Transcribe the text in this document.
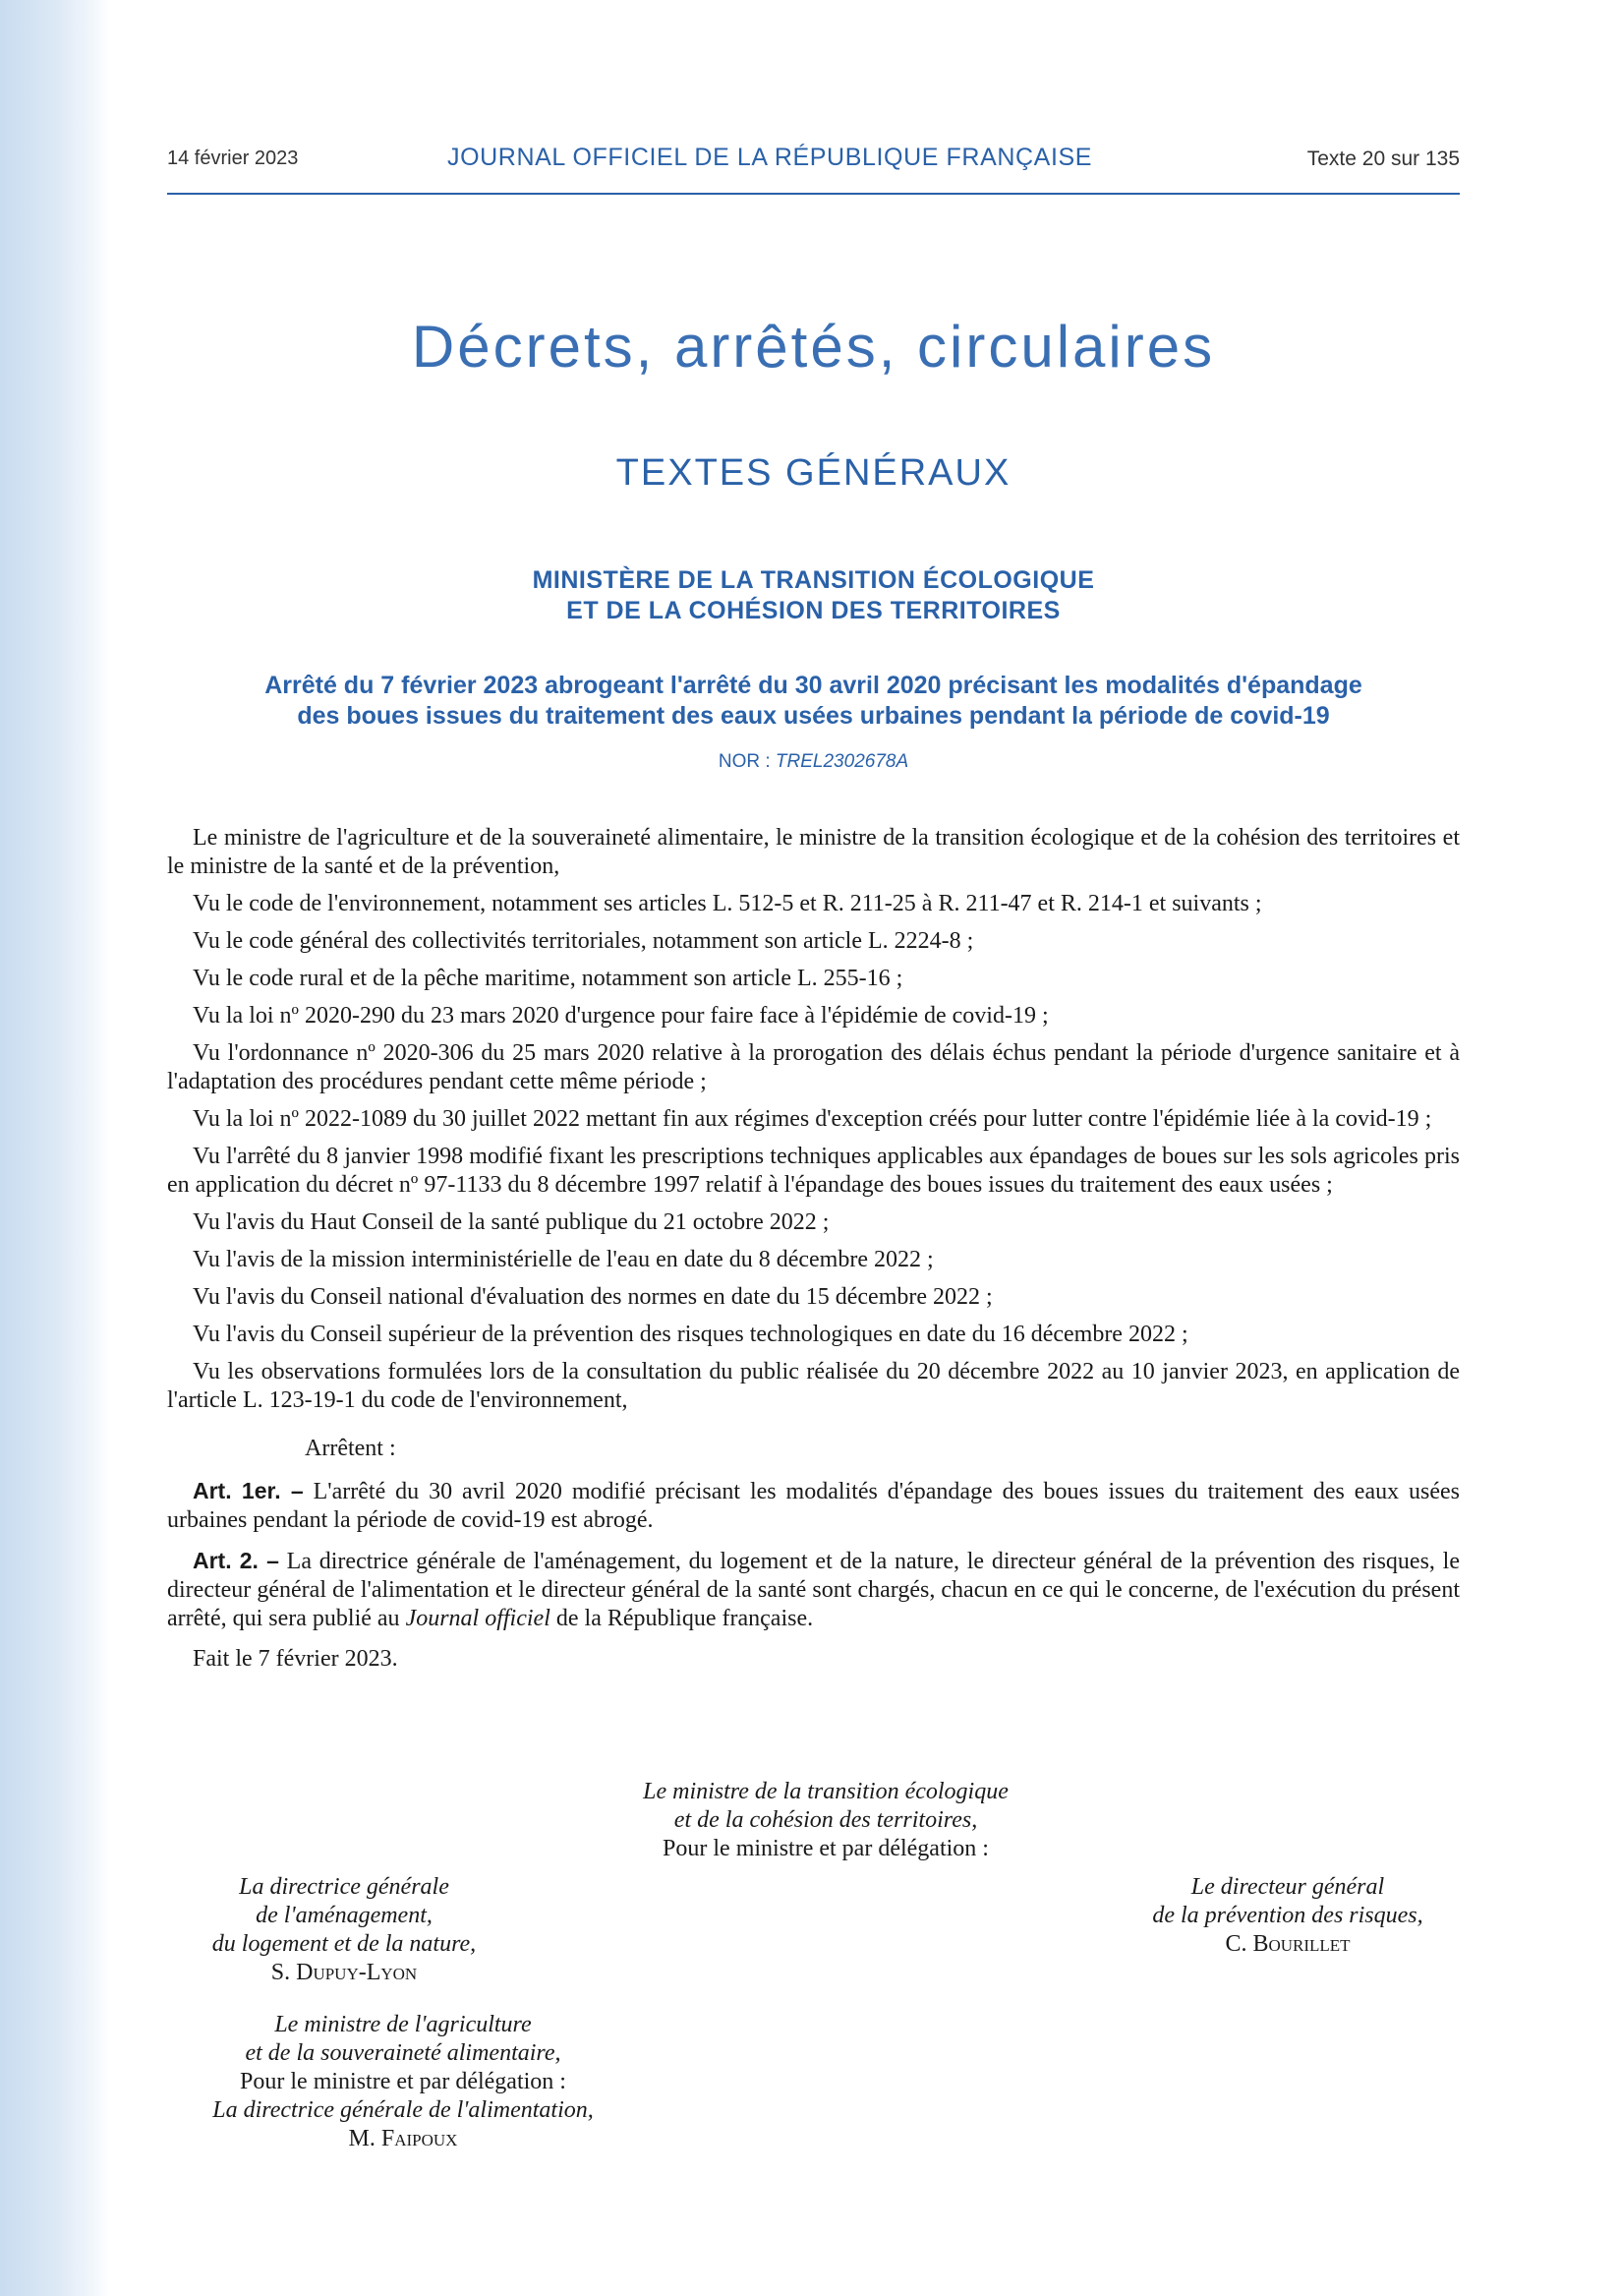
14 février 2023	JOURNAL OFFICIEL DE LA RÉPUBLIQUE FRANÇAISE	Texte 20 sur 135
Décrets, arrêtés, circulaires
TEXTES GÉNÉRAUX
MINISTÈRE DE LA TRANSITION ÉCOLOGIQUE
ET DE LA COHÉSION DES TERRITOIRES
Arrêté du 7 février 2023 abrogeant l'arrêté du 30 avril 2020 précisant les modalités d'épandage
des boues issues du traitement des eaux usées urbaines pendant la période de covid-19
NOR : TREL2302678A

Le ministre de l'agriculture et de la souveraineté alimentaire, le ministre de la transition écologique et de la cohésion des territoires et le ministre de la santé et de la prévention,

Vu le code de l'environnement, notamment ses articles L. 512-5 et R. 211-25 à R. 211-47 et R. 214-1 et suivants ;

Vu le code général des collectivités territoriales, notamment son article L. 2224-8 ;

Vu le code rural et de la pêche maritime, notamment son article L. 255-16 ;

Vu la loi nº 2020-290 du 23 mars 2020 d'urgence pour faire face à l'épidémie de covid-19 ;

Vu l'ordonnance nº 2020-306 du 25 mars 2020 relative à la prorogation des délais échus pendant la période d'urgence sanitaire et à l'adaptation des procédures pendant cette même période ;

Vu la loi nº 2022-1089 du 30 juillet 2022 mettant fin aux régimes d'exception créés pour lutter contre l'épidémie liée à la covid-19 ;

Vu l'arrêté du 8 janvier 1998 modifié fixant les prescriptions techniques applicables aux épandages de boues sur les sols agricoles pris en application du décret nº 97-1133 du 8 décembre 1997 relatif à l'épandage des boues issues du traitement des eaux usées ;

Vu l'avis du Haut Conseil de la santé publique du 21 octobre 2022 ;

Vu l'avis de la mission interministérielle de l'eau en date du 8 décembre 2022 ;

Vu l'avis du Conseil national d'évaluation des normes en date du 15 décembre 2022 ;

Vu l'avis du Conseil supérieur de la prévention des risques technologiques en date du 16 décembre 2022 ;

Vu les observations formulées lors de la consultation du public réalisée du 20 décembre 2022 au 10 janvier 2023, en application de l'article L. 123-19-1 du code de l'environnement,

Arrêtent :

Art. 1er. – L'arrêté du 30 avril 2020 modifié précisant les modalités d'épandage des boues issues du traitement des eaux usées urbaines pendant la période de covid-19 est abrogé.

Art. 2. – La directrice générale de l'aménagement, du logement et de la nature, le directeur général de la prévention des risques, le directeur général de l'alimentation et le directeur général de la santé sont chargés, chacun en ce qui le concerne, de l'exécution du présent arrêté, qui sera publié au Journal officiel de la République française.

Fait le 7 février 2023.

Le ministre de la transition écologique
et de la cohésion des territoires,
Pour le ministre et par délégation :
La directrice générale
de l'aménagement,
du logement et de la nature,
S. Dupuy-Lyon
Le directeur général
de la prévention des risques,
C. Bourillet
Le ministre de l'agriculture
et de la souveraineté alimentaire,
Pour le ministre et par délégation :
La directrice générale de l'alimentation,
M. Faipoux
